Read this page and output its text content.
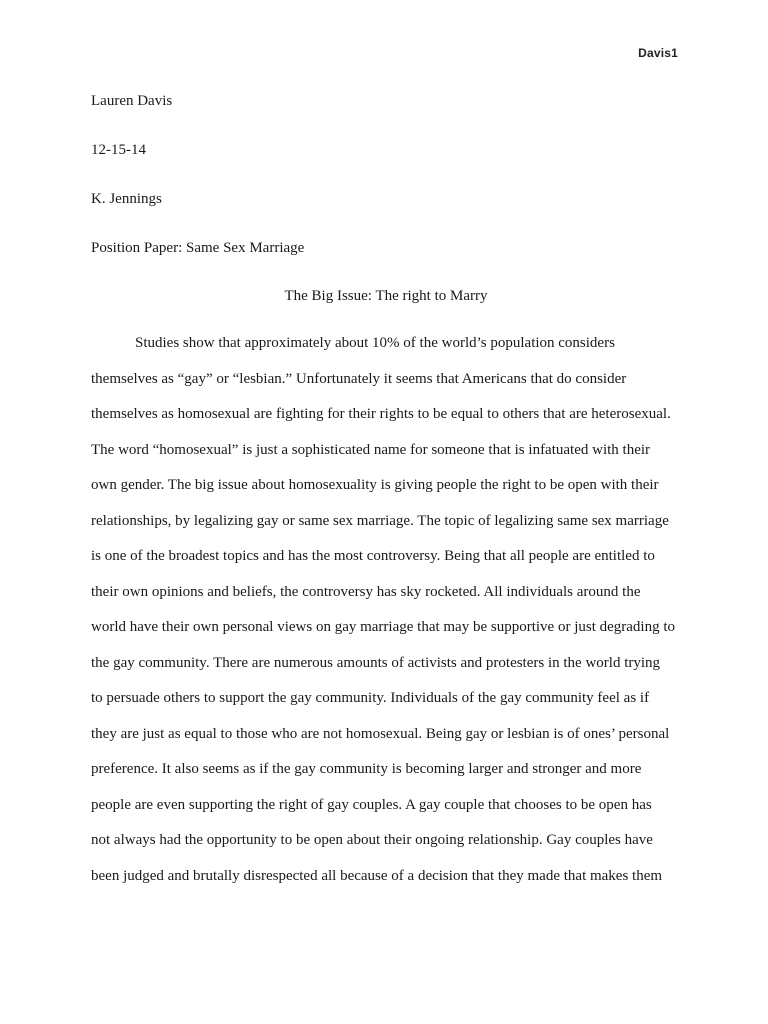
Davis1
Lauren Davis
12-15-14
K. Jennings
Position Paper: Same Sex Marriage
The Big Issue: The right to Marry
Studies show that approximately about 10% of the world’s population considers
themselves as “gay” or “lesbian.” Unfortunately it seems that Americans that do consider
themselves as homosexual are fighting for their rights to be equal to others that are heterosexual.
The word “homosexual” is just a sophisticated name for someone that is infatuated with their
own gender. The big issue about homosexuality is giving people the right to be open with their
relationships, by legalizing gay or same sex marriage. The topic of legalizing same sex marriage
is one of the broadest topics and has the most controversy. Being that all people are entitled to
their own opinions and beliefs, the controversy has sky rocketed. All individuals around the
world have their own personal views on gay marriage that may be supportive or just degrading to
the gay community. There are numerous amounts of activists and protesters in the world trying
to persuade others to support the gay community. Individuals of the gay community feel as if
they are just as equal to those who are not homosexual. Being gay or lesbian is of ones’ personal
preference. It also seems as if the gay community is becoming larger and stronger and more
people are even supporting the right of gay couples. A gay couple that chooses to be open has
not always had the opportunity to be open about their ongoing relationship. Gay couples have
been judged and brutally disrespected all because of a decision that they made that makes them
